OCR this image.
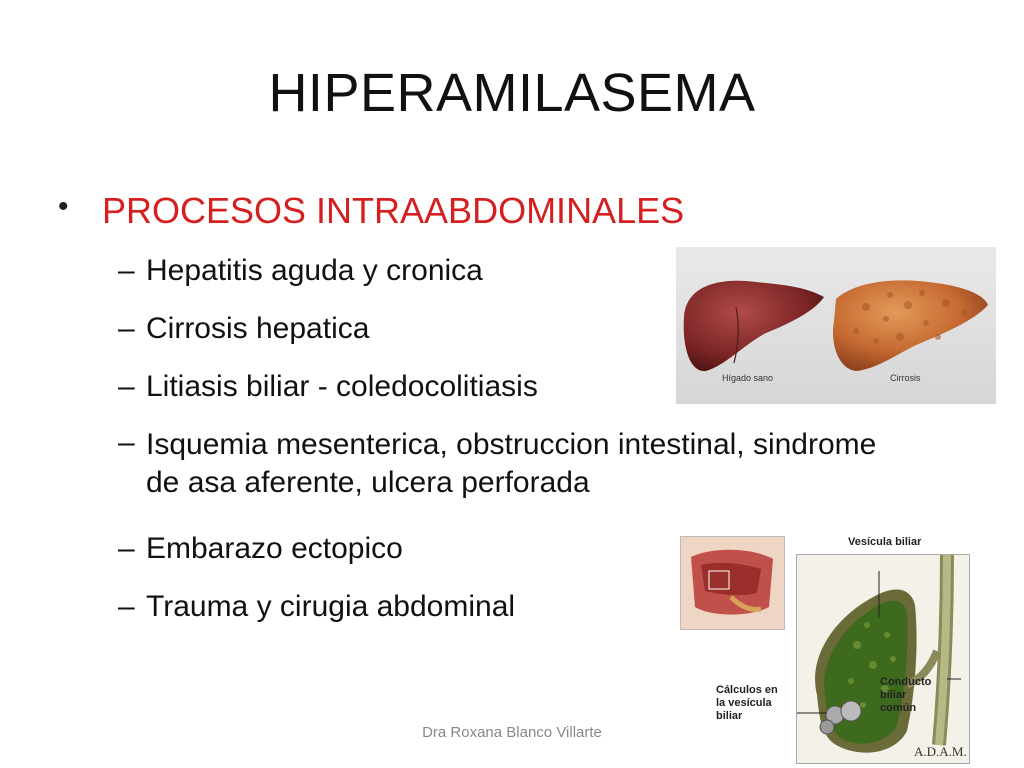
HIPERAMILASEMA
• PROCESOS INTRAABDOMINALES
– Hepatitis aguda y cronica
– Cirrosis hepatica
– Litiasis biliar - coledocolitiasis
– Isquemia mesenterica, obstruccion intestinal, sindrome de asa aferente, ulcera perforada
– Embarazo ectopico
– Trauma y cirugia abdominal
Hígado sano	Cirrosis
Vesícula biliar
Cálculos en
la vesícula
biliar
Conducto
biliar
común
A.D.A.M.
Dra Roxana Blanco Villarte
